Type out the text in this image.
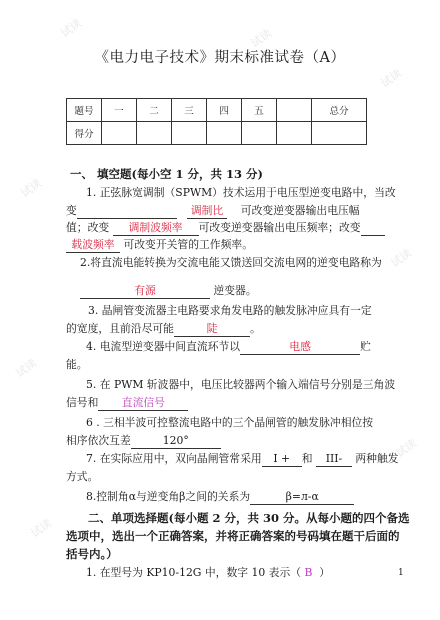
试读	试读
试读
试读
试读
试读
试读
试读
《电力电子技术》期末标准试卷（A）
题号	一	二	三	四	五		总分
得分							
一、 填空题(每小空 1 分，共 13 分)
1. 正弦脉宽调制（SPWM）技术运用于电压型逆变电路中，当改
变	调制比 可改变逆变器输出电压幅
值；改变 调制波频率 可改变逆变器输出电压频率；改变
载波频率 可改变开关管的工作频率。
2.将直流电能转换为交流电能又馈送回交流电网的逆变电路称为
有源	逆变器。
3. 晶闸管变流器主电路要求角发电路的触发脉冲应具有一定
的宽度，且前沿尽可能	陡	。
4. 电流型逆变器中间直流环节以	电感	贮
能。
5. 在 PWM 斩波器中，电压比较器两个输入端信号分别是三角波
信号和 直流信号
6 . 三相半波可控整流电路中的三个晶闸管的触发脉冲相位按
相序依次互差	120°
7. 在实际应用中，双向晶闸管常采用 I + 和 III- 两种触发
方式。
8.控制角α与逆变角β之间的关系为	β=л-α
二、单项选择题(每小题 2 分，共 30 分。从每小题的四个备选
选项中，选出一个正确答案，并将正确答案的号码填在题干后面的
括号内。）
1. 在型号为 KP10-12G 中，数字 10 表示（ B ）	1
